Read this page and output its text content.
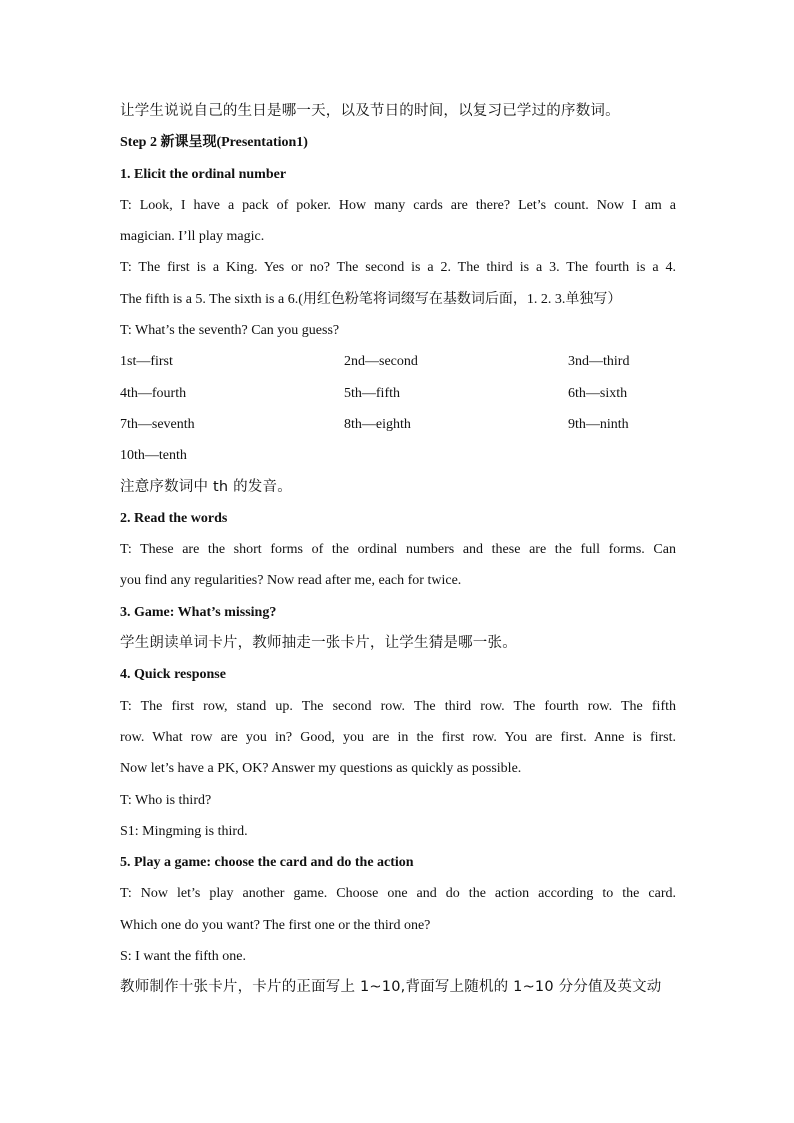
让学生说说自己的生日是哪一天，以及节日的时间，以复习已学过的序数词。
Step 2 新课呈现(Presentation1)
1. Elicit the ordinal number
T: Look, I have a pack of poker. How many cards are there? Let’s count. Now I am a
magician. I’ll play magic.
T: The first is a King. Yes or no? The second is a 2. The third is a 3. The fourth is a 4.
The fifth is a 5. The sixth is a 6.(用红色粉笔将词缀写在基数词后面，1. 2. 3.单独写）
T: What’s the seventh? Can you guess?
1st—first	2nd—second	3nd—third
4th—fourth	5th—fifth	6th—sixth
7th—seventh	8th—eighth	9th—ninth
10th—tenth
注意序数词中 th 的发音。
2. Read the words
T: These are the short forms of the ordinal numbers and these are the full forms. Can
you find any regularities? Now read after me, each for twice.
3. Game: What’s missing?
学生朗读单词卡片，教师抽走一张卡片，让学生猜是哪一张。
4. Quick response
T: The first row, stand up. The second row. The third row. The fourth row. The fifth
row. What row are you in? Good, you are in the first row. You are first. Anne is first.
Now let’s have a PK, OK? Answer my questions as quickly as possible.
T: Who is third?
S1: Mingming is third.
5. Play a game: choose the card and do the action
T: Now let’s play another game. Choose one and do the action according to the card.
Which one do you want? The first one or the third one?
S: I want the fifth one.
教师制作十张卡片，卡片的正面写上 1~10,背面写上随机的 1~10 分分值及英文动
